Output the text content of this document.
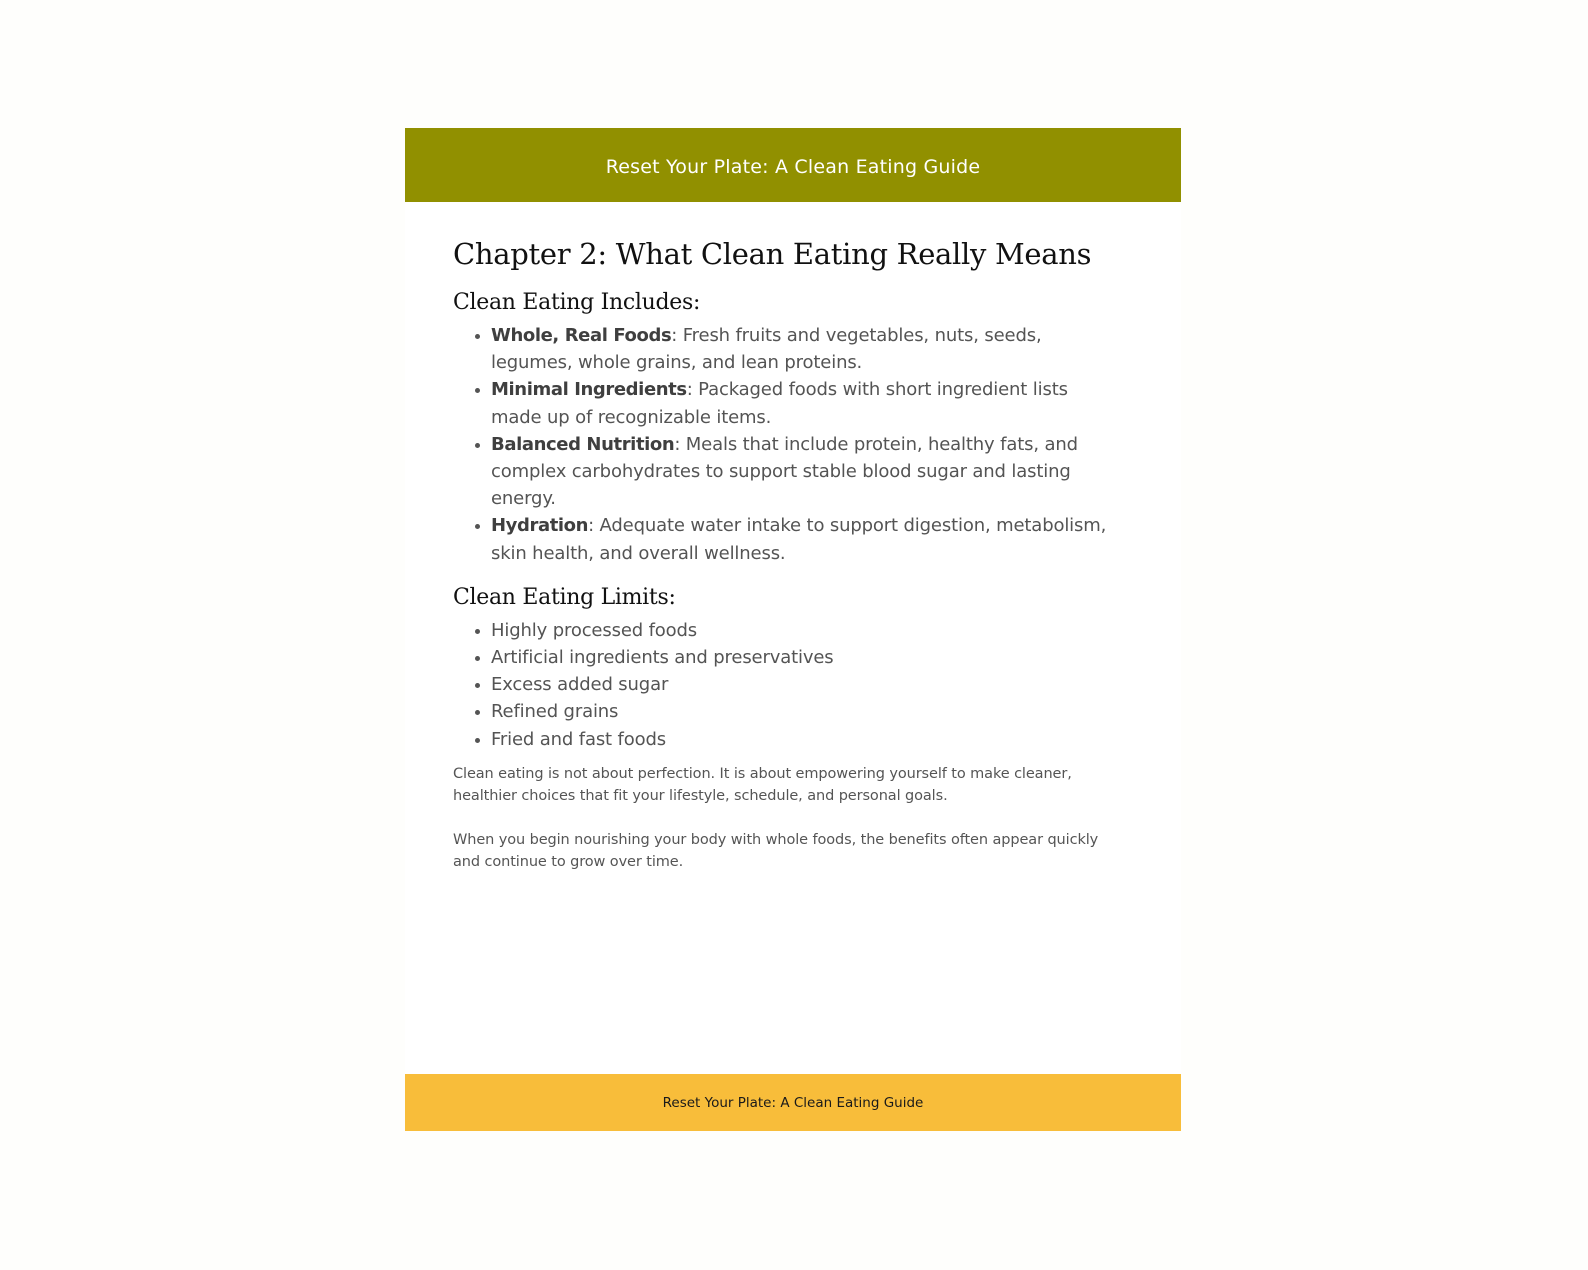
Reset Your Plate: A Clean Eating Guide
Chapter 2: What Clean Eating Really Means
Clean Eating Includes:
• Whole, Real Foods: Fresh fruits and vegetables, nuts, seeds, legumes, whole grains, and lean proteins.
• Minimal Ingredients: Packaged foods with short ingredient lists made up of recognizable items.
• Balanced Nutrition: Meals that include protein, healthy fats, and complex carbohydrates to support stable blood sugar and lasting energy.
• Hydration: Adequate water intake to support digestion, metabolism, skin health, and overall wellness.
Clean Eating Limits:
• Highly processed foods
• Artificial ingredients and preservatives
• Excess added sugar
• Refined grains
• Fried and fast foods

Clean eating is not about perfection. It is about empowering yourself to make cleaner, healthier choices that fit your lifestyle, schedule, and personal goals.

When you begin nourishing your body with whole foods, the benefits often appear quickly and continue to grow over time.

Reset Your Plate: A Clean Eating Guide
